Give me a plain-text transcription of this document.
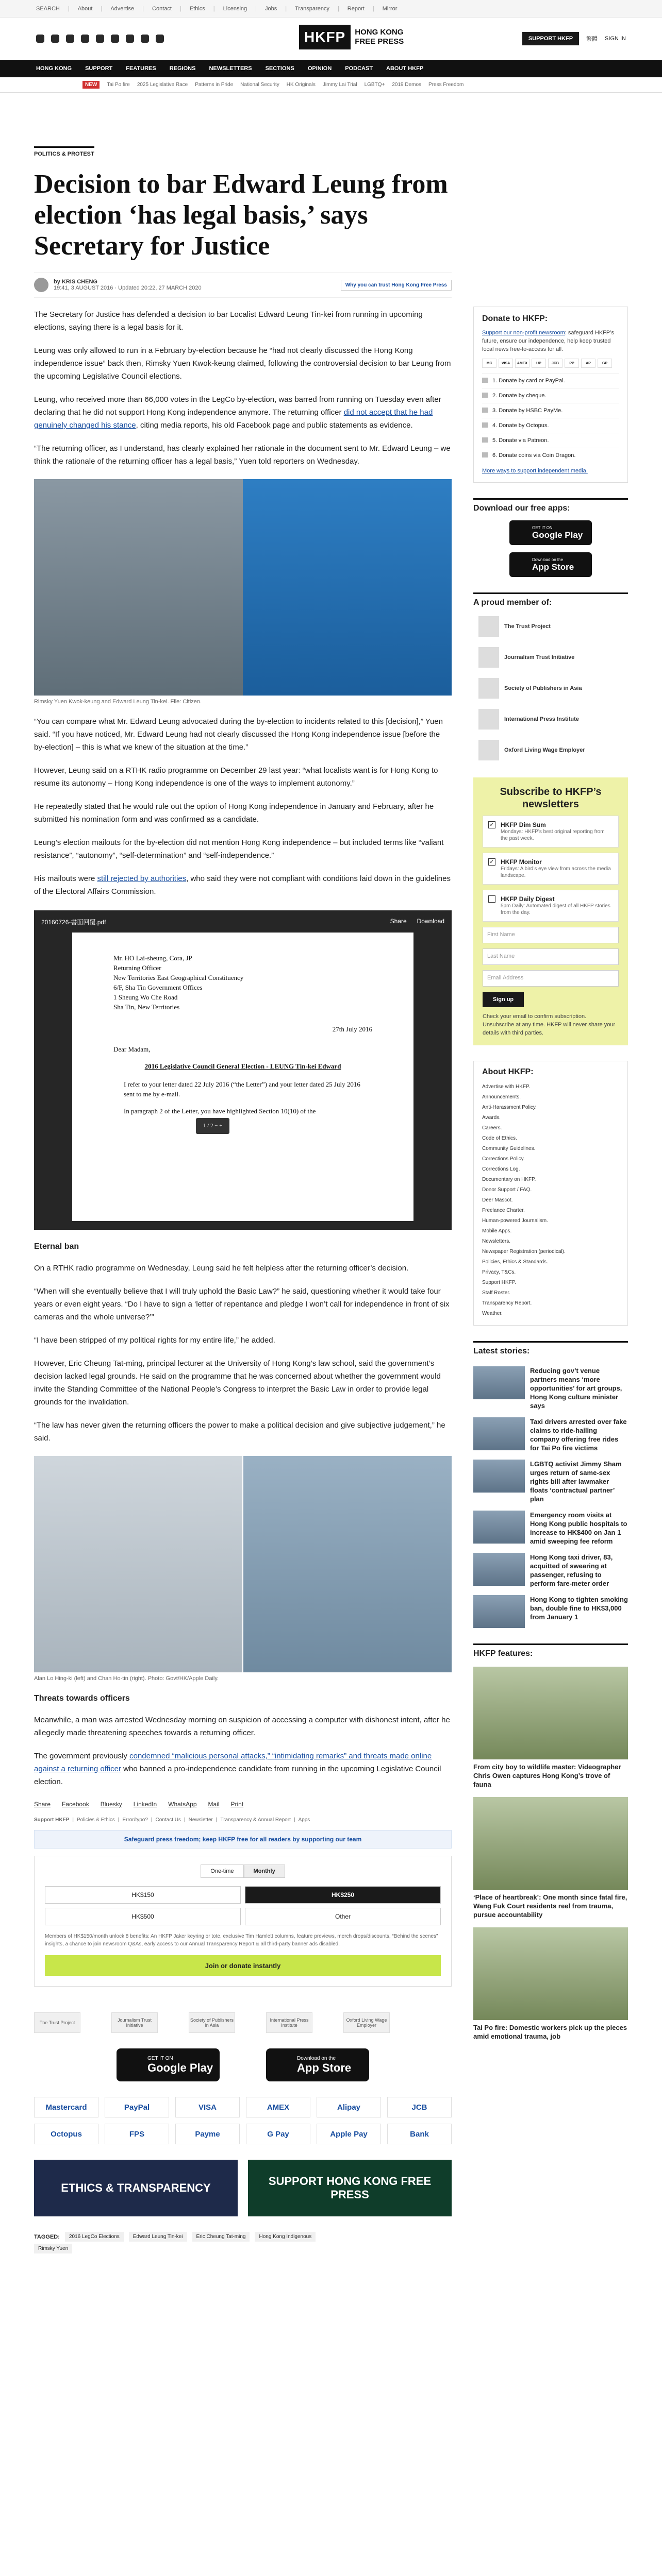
SEARCH | About | Advertise | Contact | Ethics | Licensing | Jobs | Transparency | Report | Mirror
HKFP	HONG KONG
FREE PRESS	SUPPORT HKFP	繁體 SIGN IN
HONG KONG SUPPORT FEATURES REGIONS NEWSLETTERS SECTIONS OPINION PODCAST ABOUT HKFP
NEW	Tai Po fire 2025 Legislative Race Patterns in Pride National Security HK Originals Jimmy Lai Trial LGBTQ+ 2019 Demos Press Freedom
POLITICS & PROTEST
Decision to bar Edward Leung from election ‘has legal basis,’ says Secretary for Justice
by KRIS CHENG
19:41, 3 AUGUST 2016 · Updated 20:22, 27 MARCH 2020	Why you can trust Hong Kong Free Press

The Secretary for Justice has defended a decision to bar Localist Edward Leung Tin-kei from running in upcoming elections, saying there is a legal basis for it.

Leung was only allowed to run in a February by-election because he “had not clearly discussed the Hong Kong independence issue” back then, Rimsky Yuen Kwok-keung claimed, following the controversial decision to bar Leung from the upcoming Legislative Council elections.

Leung, who received more than 66,000 votes in the LegCo by-election, was barred from running on Tuesday even after declaring that he did not support Hong Kong independence anymore. The returning officer did not accept that he had genuinely changed his stance, citing media reports, his old Facebook page and public statements as evidence.

“The returning officer, as I understand, has clearly explained her rationale in the document sent to Mr. Edward Leung – we think the rationale of the returning officer has a legal basis,” Yuen told reporters on Wednesday.

Rimsky Yuen Kwok-keung and Edward Leung Tin-kei. File: Citizen.

“You can compare what Mr. Edward Leung advocated during the by-election to incidents related to this [decision],” Yuen said. “If you have noticed, Mr. Edward Leung had not clearly discussed the Hong Kong independence issue [before the by-election] – this is what we knew of the situation at the time.”

However, Leung said on a RTHK radio programme on December 29 last year: “what localists want is for Hong Kong to resume its autonomy – Hong Kong independence is one of the ways to implement autonomy.”

He repeatedly stated that he would rule out the option of Hong Kong independence in January and February, after he submitted his nomination form and was confirmed as a candidate.

Leung’s election mailouts for the by-election did not mention Hong Kong independence – but included terms like “valiant resistance”, “autonomy”, “self-determination” and “self-independence.”

His mailouts were still rejected by authorities, who said they were not compliant with conditions laid down in the guidelines of the Electoral Affairs Commission.

20160726-書面回覆.pdf	Share Download
Mr. HO Lai-sheung, Cora, JP
Returning Officer
New Territories East Geographical Constituency
6/F, Sha Tin Government Offices
1 Sheung Wo Che Road
Sha Tin, New Territories
27th July 2016
Dear Madam,
2016 Legislative Council General Election - LEUNG Tin-kei Edward
I refer to your letter dated 22 July 2016 (“the Letter”) and your letter dated 25 July 2016 sent to me by e-mail.
In paragraph 2 of the Letter, you have highlighted Section 10(10) of the
1 / 2 − +
Eternal ban

On a RTHK radio programme on Wednesday, Leung said he felt helpless after the returning officer’s decision.

“When will she eventually believe that I will truly uphold the Basic Law?” he said, questioning whether it would take four years or even eight years. “Do I have to sign a ‘letter of repentance and pledge I won’t call for independence in front of six cameras and the whole universe?’”

“I have been stripped of my political rights for my entire life,” he added.

However, Eric Cheung Tat-ming, principal lecturer at the University of Hong Kong’s law school, said the government’s decision lacked legal grounds. He said on the programme that he was concerned about whether the government would invite the Standing Committee of the National People’s Congress to interpret the Basic Law in order to provide legal grounds for the invalidation.

“The law has never given the returning officers the power to make a political decision and give subjective judgement,” he said.

Alan Lo Hing-ki (left) and Chan Ho-tin (right). Photo: Govt/HK/Apple Daily.
Threats towards officers

Meanwhile, a man was arrested Wednesday morning on suspicion of accessing a computer with dishonest intent, after he allegedly made threatening speeches towards a returning officer.

The government previously condemned “malicious personal attacks,” “intimidating remarks” and threats made online against a returning officer who banned a pro-independence candidate from running in the upcoming Legislative Council election.

Share Facebook Bluesky LinkedIn WhatsApp Mail Print
Support HKFP | Policies & Ethics | Error/typo? | Contact Us | Newsletter | Transparency & Annual Report | Apps
Safeguard press freedom; keep HKFP free for all readers by supporting our team
One-time	Monthly
HK$150	HK$250
HK$500	Other
Members of HK$150/month unlock 8 benefits: An HKFP Jaker keyring or tote, exclusive Tim Hamlett columns, feature previews, merch drops/discounts, “Behind the scenes” insights, a chance to join newsroom Q&As, early access to our Annual Transparency Report & all third-party banner ads disabled.
Join or donate instantly
The Trust Project	Journalism Trust Initiative
Society of Publishers in Asia
International Press Institute
Oxford Living Wage Employer
GET IT ON
Google Play
Download on the
App Store
Mastercard	PayPal	VISA	AMEX	Alipay	JCB
Octopus	FPS	Payme	G Pay	Apple Pay	Bank
ETHICS & TRANSPARENCY
SUPPORT HONG KONG FREE PRESS
TAGGED:	2016 LegCo Elections	Edward Leung Tin-kei	Eric Cheung Tat-ming	Hong Kong Indigenous
Rimsky Yuen
Donate to HKFP:
Support our non-profit newsroom: safeguard HKFP’s future, ensure our independence, help keep trusted local news free-to-access for all.
MC	VISA	AMEX	UP	JCB	PP	AP	GP
1. Donate by card or PayPal.
2. Donate by cheque.
3. Donate by HSBC PayMe.
4. Donate by Octopus.
5. Donate via Patreon.
6. Donate coins via Coin Dragon.
More ways to support independent media.
Download our free apps:
GET IT ON
Google Play
Download on the
App Store
A proud member of:
The Trust Project
Journalism Trust Initiative
Society of Publishers in Asia
International Press Institute
Oxford Living Wage Employer
Subscribe to HKFP’s newsletters
✓ HKFP Dim Sum
Mondays: HKFP’s best original reporting from the past week.
✓ HKFP Monitor
Fridays: A bird’s eye view from across the media landscape.
HKFP Daily Digest
5pm Daily: Automated digest of all HKFP stories from the day.
First Name
Last Name
Email Address
Sign up
Check your email to confirm subscription. Unsubscribe at any time. HKFP will never share your details with third parties.
About HKFP:
Advertise with HKFP.
Announcements.
Anti-Harassment Policy.
Awards.
Careers.
Code of Ethics.
Community Guidelines.
Corrections Policy.
Corrections Log.
Documentary on HKFP.
Donor Support / FAQ.
Deer Mascot.
Freelance Charter.
Human-powered Journalism.
Mobile Apps.
Newsletters.
Newspaper Registration (periodical).
Policies, Ethics & Standards.
Privacy, T&Cs.
Support HKFP.
Staff Roster.
Transparency Report.
Weather.
Latest stories:
Reducing gov’t venue partners means ‘more opportunities’ for art groups, Hong Kong culture minister says
Taxi drivers arrested over fake claims to ride-hailing company offering free rides for Tai Po fire victims
LGBTQ activist Jimmy Sham urges return of same-sex rights bill after lawmaker floats ‘contractual partner’ plan
Emergency room visits at Hong Kong public hospitals to increase to HK$400 on Jan 1 amid sweeping fee reform
Hong Kong taxi driver, 83, acquitted of swearing at passenger, refusing to perform fare-meter order
Hong Kong to tighten smoking ban, double fine to HK$3,000 from January 1
HKFP features:
From city boy to wildlife master: Videographer Chris Owen captures Hong Kong’s trove of fauna
‘Place of heartbreak’: One month since fatal fire, Wang Fuk Court residents reel from trauma, pursue accountability
Tai Po fire: Domestic workers pick up the pieces amid emotional trauma, job
